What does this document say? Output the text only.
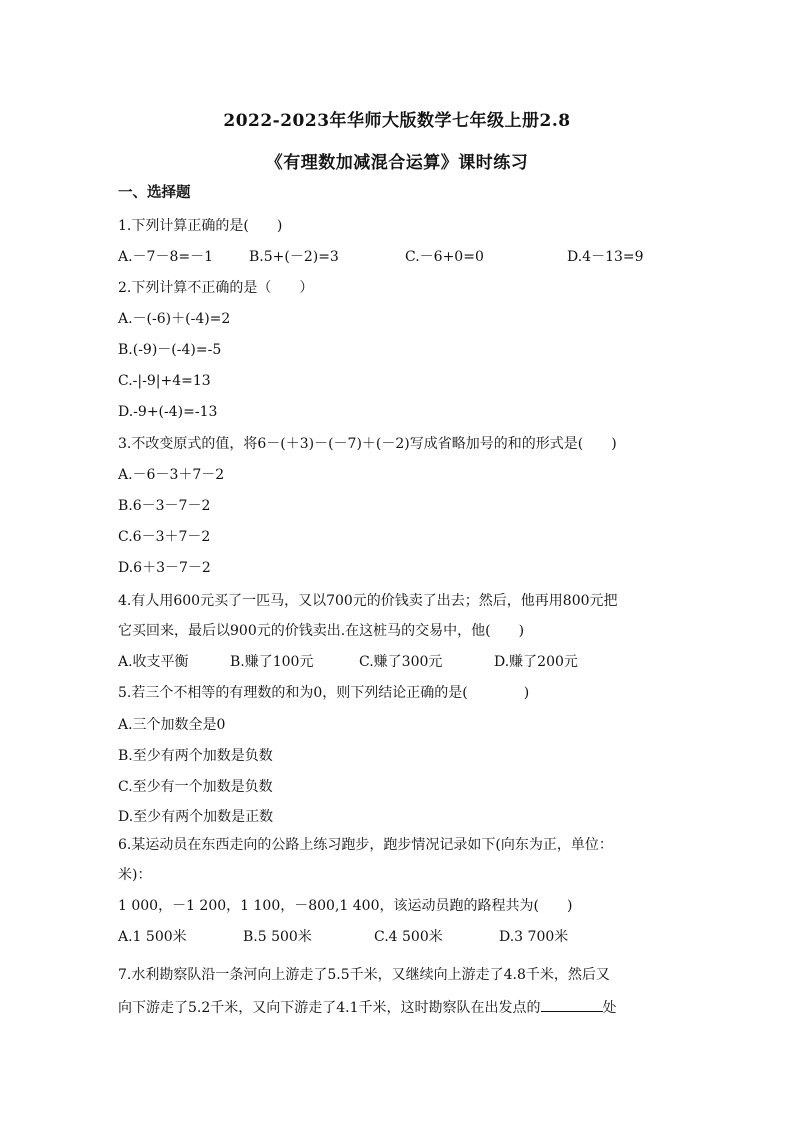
2022-2023年华师大版数学七年级上册2.8
《有理数加减混合运算》课时练习
一、选择题
1.下列计算正确的是(　　)
A.－7－8=－1	B.5+(－2)=3	C.－6+0=0	D.4－13=9
2.下列计算不正确的是（　　）
A.－(-6)＋(-4)=2
B.(-9)－(-4)=-5
C.-|-9|+4=13
D.-9+(-4)=-13
3.不改变原式的值，将6－(＋3)－(－7)＋(－2)写成省略加号的和的形式是(　　)
A.－6－3＋7－2
B.6－3－7－2
C.6－3＋7－2
D.6＋3－7－2
4.有人用600元买了一匹马，又以700元的价钱卖了出去；然后，他再用800元把
它买回来，最后以900元的价钱卖出.在这桩马的交易中，他(　　)
A.收支平衡	B.赚了100元	C.赚了300元	D.赚了200元
5.若三个不相等的有理数的和为0，则下列结论正确的是(　　　　)
A.三个加数全是0
B.至少有两个加数是负数
C.至少有一个加数是负数
D.至少有两个加数是正数
6.某运动员在东西走向的公路上练习跑步，跑步情况记录如下(向东为正，单位：
米)：
1 000，－1 200，1 100，－800,1 400，该运动员跑的路程共为(　　)
A.1 500米	B.5 500米	C.4 500米	D.3 700米
7.水利勘察队沿一条河向上游走了5.5千米，又继续向上游走了4.8千米，然后又
向下游走了5.2千米，又向下游走了4.1千米，这时勘察队在出发点的	处
